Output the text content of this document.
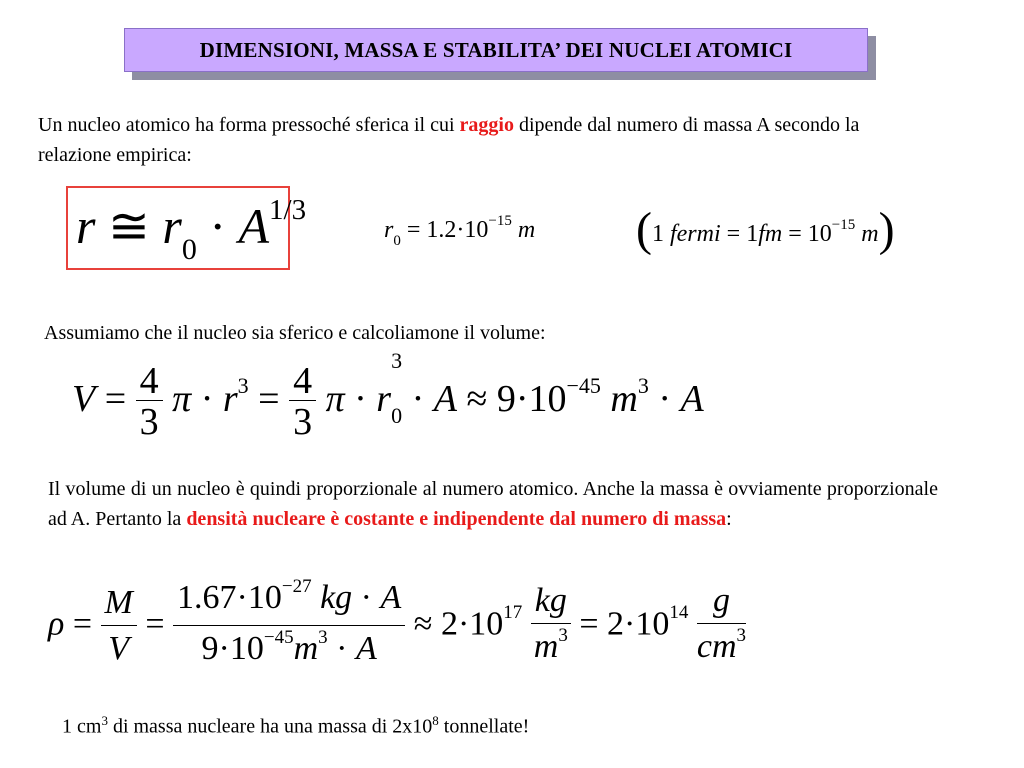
DIMENSIONI, MASSA E STABILITA’ DEI NUCLEI ATOMICI
Un nucleo atomico ha forma pressoché sferica il cui raggio dipende dal numero di massa A secondo la relazione empirica:
r ≅ $r_0 \cdot A^{1/3}$
$r_0 = 1.2\cdot 10^{-15}$ m (1 fermi = $1fm = 10^{-15}$ m)
Assumiamo che il nucleo sia sferico e calcoliamone il volume:
$V = \frac{4}{3}$ $\pi \cdot r^3 = \frac{4}{3}$ π · r
3
$_0 \cdot A \approx 9\cdot 10^{-45}$ $m^3 \cdot A$
Il volume di un nucleo è quindi proporzionale al numero atomico. Anche la massa è ovviamente proporzionale ad A. Pertanto la densità nucleare è costante e indipendente dal numero di massa:
$\rho = \frac{M}{V} = \frac{1.67\cdot 10^{-27} kg \cdot A}{9\cdot 10^{-45}m^3 \cdot A} \approx 2\cdot 10^{17} \frac{kg}{m^3} = 2\cdot 10^{14} \frac{g}{cm^3}$
1 $cm^3$ di massa nucleare ha una massa di $2x10^8$ tonnellate!
